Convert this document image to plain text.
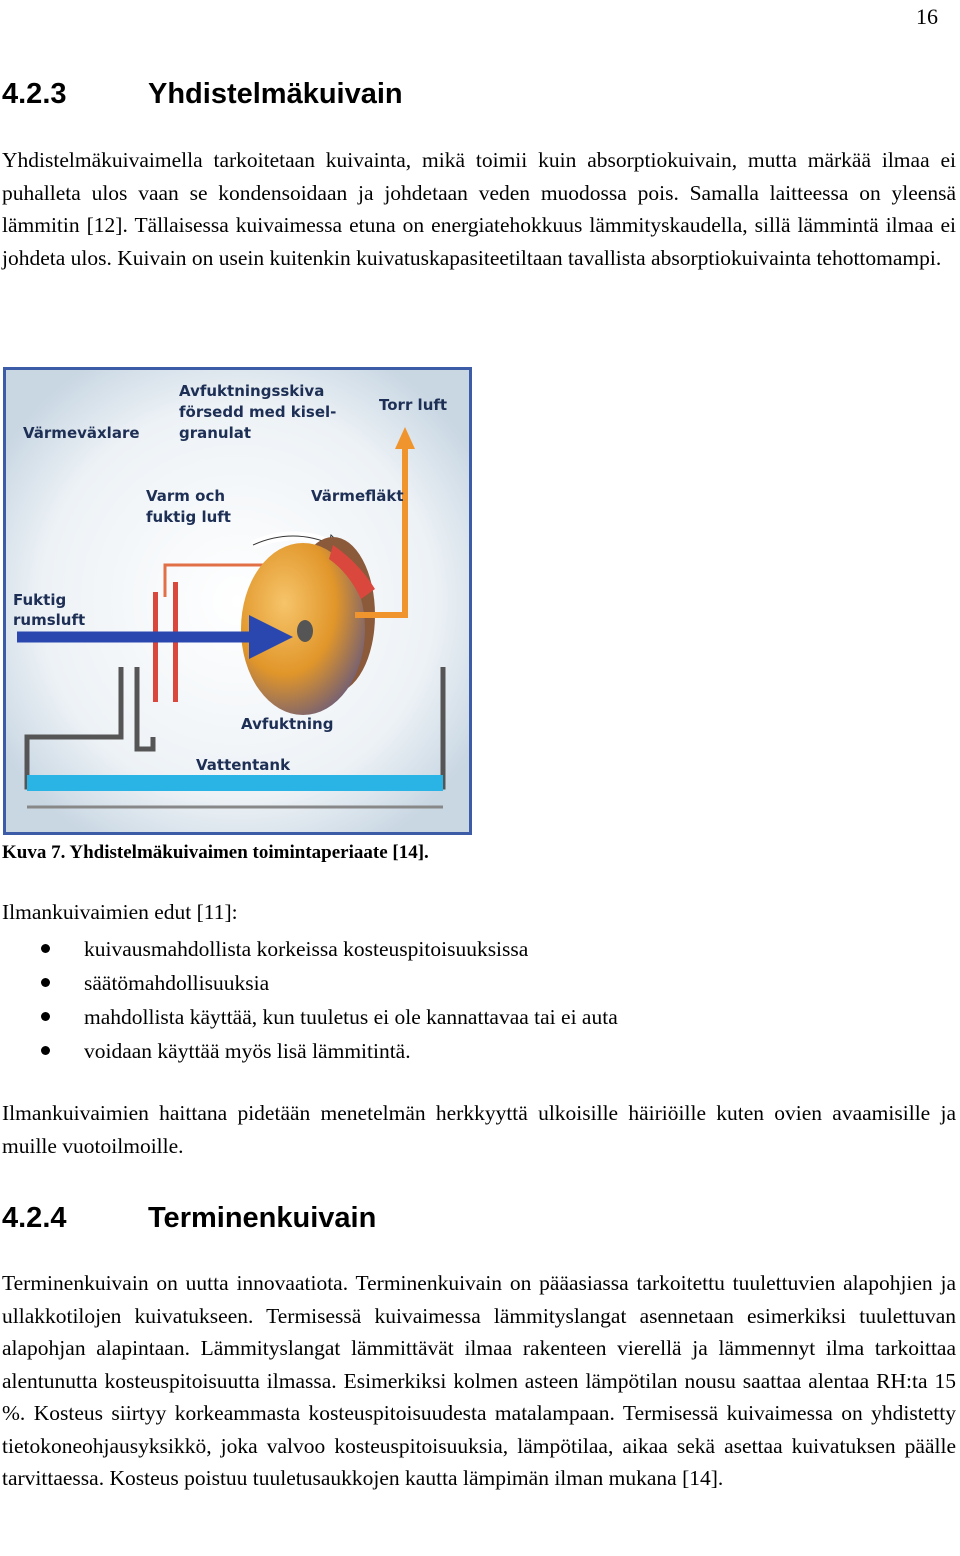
16
4.2.3	Yhdistelmäkuivain

Yhdistelmäkuivaimella tarkoitetaan kuivainta, mikä toimii kuin absorptiokuivain, mutta märkää ilmaa ei puhalleta ulos vaan se kondensoidaan ja johdetaan veden muodossa pois. Samalla laitteessa on yleensä lämmitin [12]. Tällaisessa kuivaimessa etuna on energiatehokkuus lämmityskaudella, sillä lämmintä ilmaa ei johdeta ulos. Kuivain on usein kuitenkin kuivatuskapasiteetiltaan tavallista absorptiokuivainta tehottomampi.

Värmeväxlare
Avfuktningsskiva
försedd med kisel-
granulat
Torr luft
Varm och
fuktig luft
Värmefläkt
Fuktig
rumsluft
Avfuktning
Vattentank

Kuva 7. Yhdistelmäkuivaimen toimintaperiaate [14].

Ilmankuivaimien edut [11]:

kuivausmahdollista korkeissa kosteuspitoisuuksissa
säätömahdollisuuksia
mahdollista käyttää, kun tuuletus ei ole kannattavaa tai ei auta
voidaan käyttää myös lisä lämmitintä.

Ilmankuivaimien haittana pidetään menetelmän herkkyyttä ulkoisille häiriöille kuten ovien avaamisille ja muille vuotoilmoille.

4.2.4	Terminenkuivain

Terminenkuivain on uutta innovaatiota. Terminenkuivain on pääasiassa tarkoitettu tuulettuvien alapohjien ja ullakkotilojen kuivatukseen. Termisessä kuivaimessa lämmityslangat asennetaan esimerkiksi tuulettuvan alapohjan alapintaan. Lämmityslangat lämmittävät ilmaa rakenteen vierellä ja lämmennyt ilma tarkoittaa alentunutta kosteuspitoisuutta ilmassa. Esimerkiksi kolmen asteen lämpötilan nousu saattaa alentaa RH:ta 15 %. Kosteus siirtyy korkeammasta kosteuspitoisuudesta matalampaan. Termisessä kuivaimessa on yhdistetty tietokoneohjausyksikkö, joka valvoo kosteuspitoisuuksia, lämpötilaa, aikaa sekä asettaa kuivatuksen päälle tarvittaessa. Kosteus poistuu tuuletusaukkojen kautta lämpimän ilman mukana [14].
